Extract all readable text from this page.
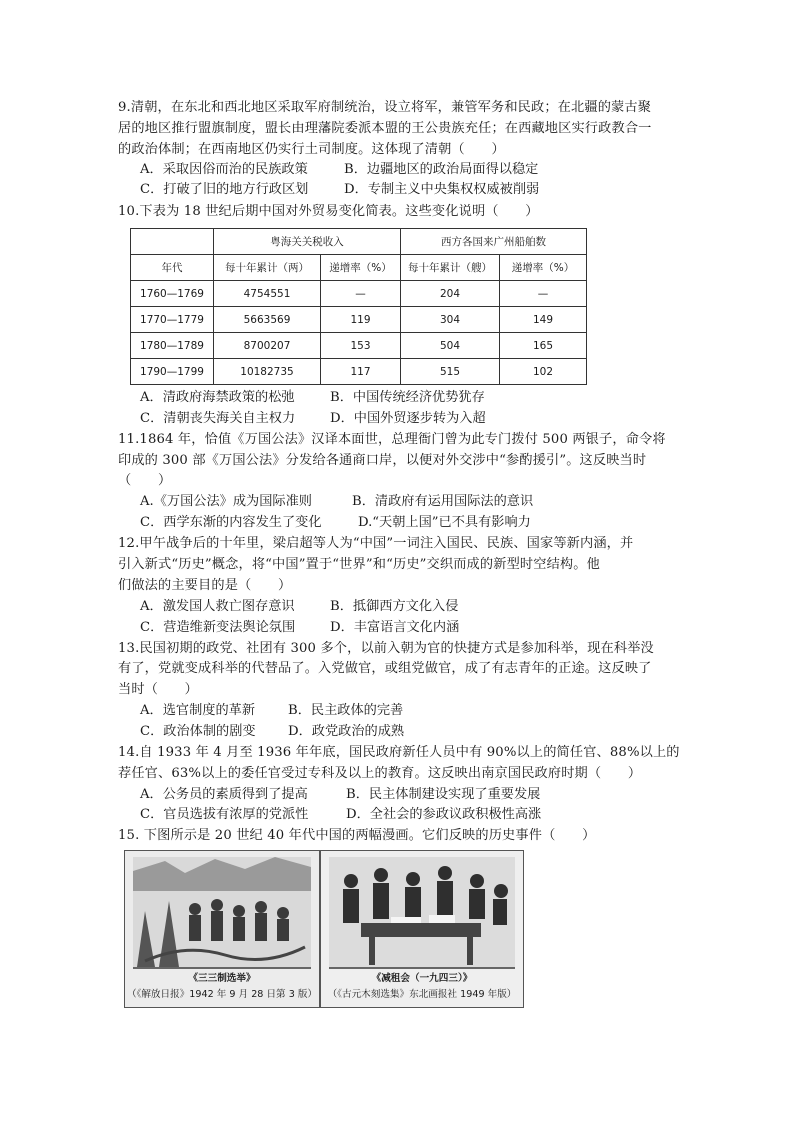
9.清朝，在东北和西北地区采取军府制统治，设立将军，兼管军务和民政；在北疆的蒙古聚
居的地区推行盟旗制度，盟长由理藩院委派本盟的王公贵族充任；在西藏地区实行政教合一
的政治体制；在西南地区仍实行土司制度。这体现了清朝（　　）
A．采取因俗而治的民族政策	B．边疆地区的政治局面得以稳定
C．打破了旧的地方行政区划	D．专制主义中央集权权威被削弱
10.下表为 18 世纪后期中国对外贸易变化简表。这些变化说明（　　）
	粤海关关税收入		西方各国来广州船舶数	
年代	每十年累计（两）	递增率（%）	每十年累计（艘）	递增率（%）
1760—1769	4754551	—	204	—
1770—1779	5663569	119	304	149
1780—1789	8700207	153	504	165
1790—1799	10182735	117	515	102
A．清政府海禁政策的松弛	B．中国传统经济优势犹存
C．清朝丧失海关自主权力	D．中国外贸逐步转为入超
11.1864 年，恰值《万国公法》汉译本面世，总理衙门曾为此专门拨付 500 两银子，命令将
印成的 300 部《万国公法》分发给各通商口岸，以便对外交涉中“参酌援引”。这反映当时
（　　）
A.《万国公法》成为国际准则	B．清政府有运用国际法的意识
C．西学东渐的内容发生了变化	D.“天朝上国”已不具有影响力
12.甲午战争后的十年里，梁启超等人为“中国”一词注入国民、民族、国家等新内涵，并
引入新式“历史”概念，将“中国”置于“世界”和“历史”交织而成的新型时空结构。他
们做法的主要目的是（　　）
A．激发国人救亡图存意识	B．抵御西方文化入侵
C．营造维新变法舆论氛围	D．丰富语言文化内涵
13.民国初期的政党、社团有 300 多个，以前入朝为官的快捷方式是参加科举，现在科举没
有了，党就变成科举的代替品了。入党做官，或组党做官，成了有志青年的正途。这反映了
当时（　　）
A．选官制度的革新 B．民主政体的完善
C．政治体制的剧变 D．政党政治的成熟
14.自 1933 年 4 月至 1936 年年底，国民政府新任人员中有 90%以上的简任官、88%以上的
荐任官、63%以上的委任官受过专科及以上的教育。这反映出南京国民政府时期（　　）
A．公务员的素质得到了提高	B．民主体制建设实现了重要发展
C．官员选拔有浓厚的党派性	D．全社会的参政议政积极性高涨
15. 下图所示是 20 世纪 40 年代中国的两幅漫画。它们反映的历史事件（　　）
《三三制选举》
（《解放日报》1942 年 9 月 28 日第 3 版）
《减租会（一九四三）》
（《古元木刻选集》东北画报社 1949 年版）
